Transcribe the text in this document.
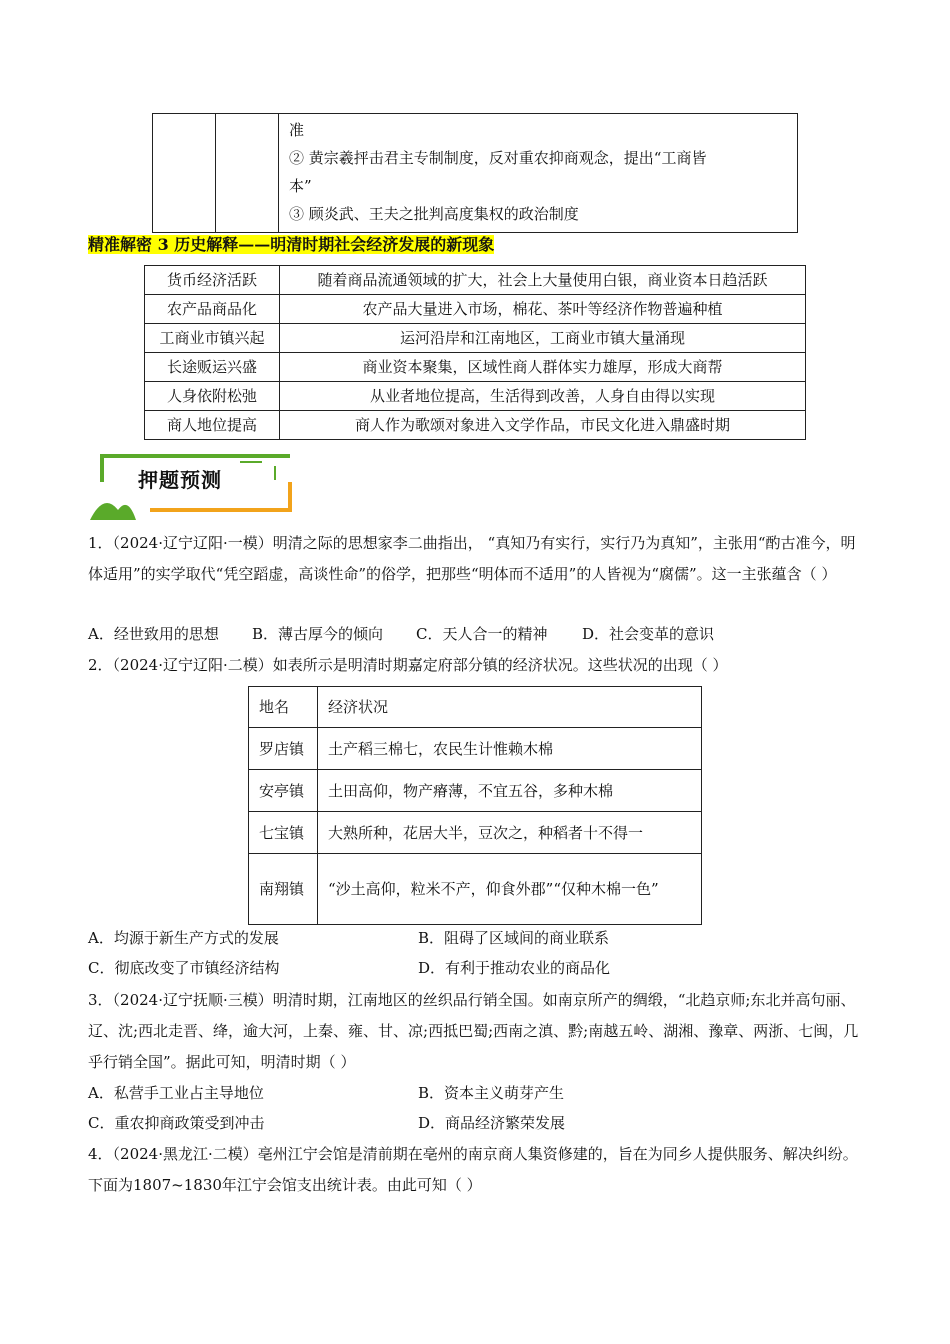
准
② 黄宗羲抨击君主专制制度，反对重农抑商观念，提出“工商皆
本”
③ 顾炎武、王夫之批判高度集权的政治制度
精准解密 3 历史解释——明清时期社会经济发展的新现象
货币经济活跃	随着商品流通领域的扩大，社会上大量使用白银，商业资本日趋活跃
农产品商品化	农产品大量进入市场，棉花、茶叶等经济作物普遍种植
工商业市镇兴起	运河沿岸和江南地区，工商业市镇大量涌现
长途贩运兴盛	商业资本聚集，区域性商人群体实力雄厚，形成大商帮
人身依附松弛	从业者地位提高，生活得到改善，人身自由得以实现
商人地位提高	商人作为歌颂对象进入文学作品，市民文化进入鼎盛时期
押题预测
1．（2024·辽宁辽阳·一模）明清之际的思想家李二曲指出， “真知乃有实行，实行乃为真知”，主张用“酌古准今，明体适用”的实学取代“凭空蹈虚，高谈性命”的俗学，把那些“明体而不适用”的人皆视为“腐儒”。这一主张蕴含（ ）
A．经世致用的思想 B．薄古厚今的倾向 C．天人合一的精神 D．社会变革的意识
2．（2024·辽宁辽阳·二模）如表所示是明清时期嘉定府部分镇的经济状况。这些状况的出现（ ）
地名	经济状况
罗店镇	土产稻三棉七，农民生计惟赖木棉
安亭镇	土田高仰，物产瘠薄，不宜五谷，多种木棉
七宝镇	大熟所种，花居大半，豆次之，种稻者十不得一
南翔镇	“沙土高仰，粒米不产，仰食外郡”“仅种木棉一色”
A．均源于新生产方式的发展	B．阻碍了区域间的商业联系
C．彻底改变了市镇经济结构	D．有利于推动农业的商品化
3．（2024·辽宁抚顺·三模）明清时期，江南地区的丝织品行销全国。如南京所产的绸缎，“北趋京师;东北并高句丽、辽、沈;西北走晋、绛，逾大河，上秦、雍、甘、凉;西抵巴蜀;西南之滇、黔;南越五岭、湖湘、豫章、两浙、七闽，几乎行销全国”。据此可知，明清时期（ ）
A．私营手工业占主导地位	B．资本主义萌芽产生
C．重农抑商政策受到冲击	D．商品经济繁荣发展
4．（2024·黑龙江·二模）亳州江宁会馆是清前期在亳州的南京商人集资修建的，旨在为同乡人提供服务、解决纠纷。下面为1807~1830年江宁会馆支出统计表。由此可知（ ）
